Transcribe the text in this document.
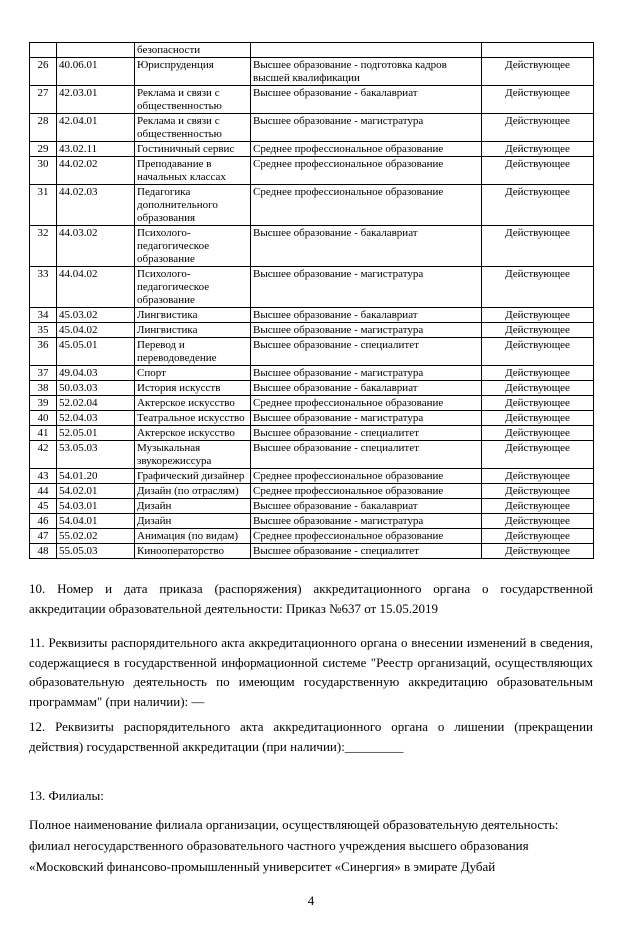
		безопасности		
26	40.06.01	Юриспруденция	Высшее образование - подготовка кадров высшей квалификации	Действующее
27	42.03.01	Реклама и связи с общественностью	Высшее образование - бакалавриат	Действующее
28	42.04.01	Реклама и связи с общественностью	Высшее образование - магистратура	Действующее
29	43.02.11	Гостиничный сервис	Среднее профессиональное образование	Действующее
30	44.02.02	Преподавание в начальных классах	Среднее профессиональное образование	Действующее
31	44.02.03	Педагогика дополнительного образования	Среднее профессиональное образование	Действующее
32	44.03.02	Психолого-педагогическое образование	Высшее образование - бакалавриат	Действующее
33	44.04.02	Психолого-педагогическое образование	Высшее образование - магистратура	Действующее
34	45.03.02	Лингвистика	Высшее образование - бакалавриат	Действующее
35	45.04.02	Лингвистика	Высшее образование - магистратура	Действующее
36	45.05.01	Перевод и переводоведение	Высшее образование - специалитет	Действующее
37	49.04.03	Спорт	Высшее образование - магистратура	Действующее
38	50.03.03	История искусств	Высшее образование - бакалавриат	Действующее
39	52.02.04	Актерское искусство	Среднее профессиональное образование	Действующее
40	52.04.03	Театральное искусство	Высшее образование - магистратура	Действующее
41	52.05.01	Актерское искусство	Высшее образование - специалитет	Действующее
42	53.05.03	Музыкальная звукорежиссура	Высшее образование - специалитет	Действующее
43	54.01.20	Графический дизайнер	Среднее профессиональное образование	Действующее
44	54.02.01	Дизайн (по отраслям)	Среднее профессиональное образование	Действующее
45	54.03.01	Дизайн	Высшее образование - бакалавриат	Действующее
46	54.04.01	Дизайн	Высшее образование - магистратура	Действующее
47	55.02.02	Анимация (по видам)	Среднее профессиональное образование	Действующее
48	55.05.03	Кинооператорство	Высшее образование - специалитет	Действующее

10. Номер и дата приказа (распоряжения) аккредитационного органа о государственной аккредитации образовательной деятельности: Приказ №637 от 15.05.2019

11. Реквизиты распорядительного акта аккредитационного органа о внесении изменений в сведения, содержащиеся в государственной информационной системе "Реестр организаций, осуществляющих образовательную деятельность по имеющим государственную аккредитацию образовательным программам" (при наличии): —

12. Реквизиты распорядительного акта аккредитационного органа о лишении (прекращении действия) государственной аккредитации (при наличии):_________

13. Филиалы:

Полное наименование филиала организации, осуществляющей образовательную деятельность: филиал негосударственного образовательного частного учреждения высшего образования «Московский финансово-промышленный университет «Синергия» в эмирате Дубай

4
